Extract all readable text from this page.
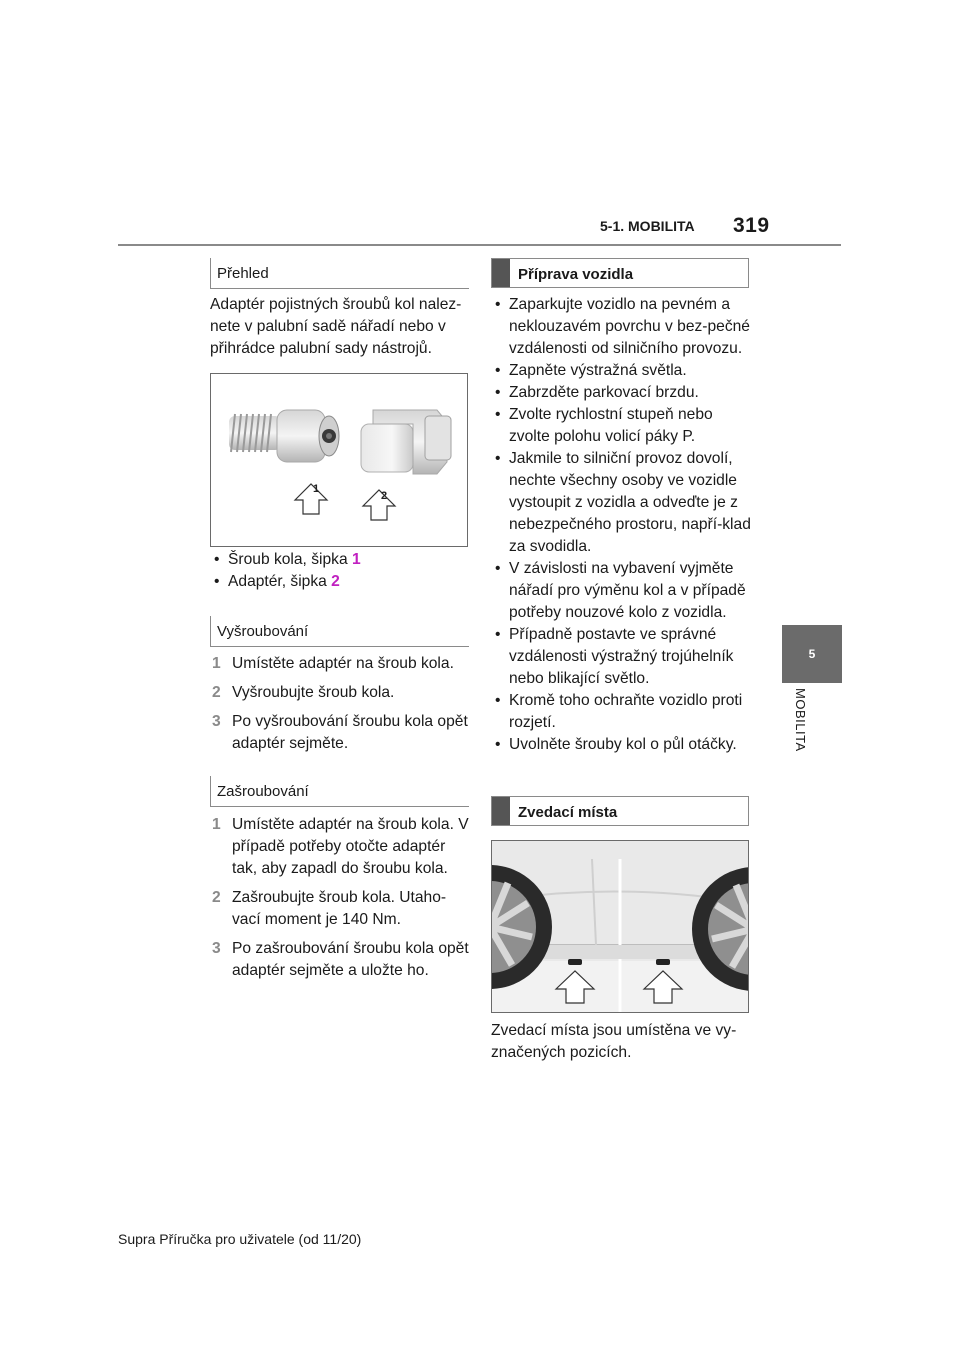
5-1. MOBILITA 319
5
MOBILITA
Přehled

Adaptér pojistných šroubů kol nalez-nete v palubní sadě nářadí nebo v přihrádce palubní sady nástrojů.

1
2
• Šroub kola, šipka 1
• Adaptér, šipka 2
Vyšroubování
1 Umístěte adaptér na šroub kola.
2 Vyšroubujte šroub kola.
3 Po vyšroubování šroubu kola opět adaptér sejměte.
Zašroubování
1 Umístěte adaptér na šroub kola. V případě potřeby otočte adaptér tak, aby zapadl do šroubu kola.
2 Zašroubujte šroub kola. Utaho-vací moment je 140 Nm.
3 Po zašroubování šroubu kola opět adaptér sejměte a uložte ho.
Příprava vozidla
• Zaparkujte vozidlo na pevném a neklouzavém povrchu v bez-pečné vzdálenosti od silničního provozu.
• Zapněte výstražná světla.
• Zabrzděte parkovací brzdu.
• Zvolte rychlostní stupeň nebo zvolte polohu volicí páky P.
• Jakmile to silniční provoz dovolí, nechte všechny osoby ve vozidle vystoupit z vozidla a odveďte je z nebezpečného prostoru, napří-klad za svodidla.
• V závislosti na vybavení vyjměte nářadí pro výměnu kol a v případě potřeby nouzové kolo z vozidla.
• Případně postavte ve správné vzdálenosti výstražný trojúhelník nebo blikající světlo.
• Kromě toho ochraňte vozidlo proti rozjetí.
• Uvolněte šrouby kol o půl otáčky.
Zvedací místa

Zvedací místa jsou umístěna ve vy-značených pozicích.

Supra Příručka pro uživatele (od 11/20)
